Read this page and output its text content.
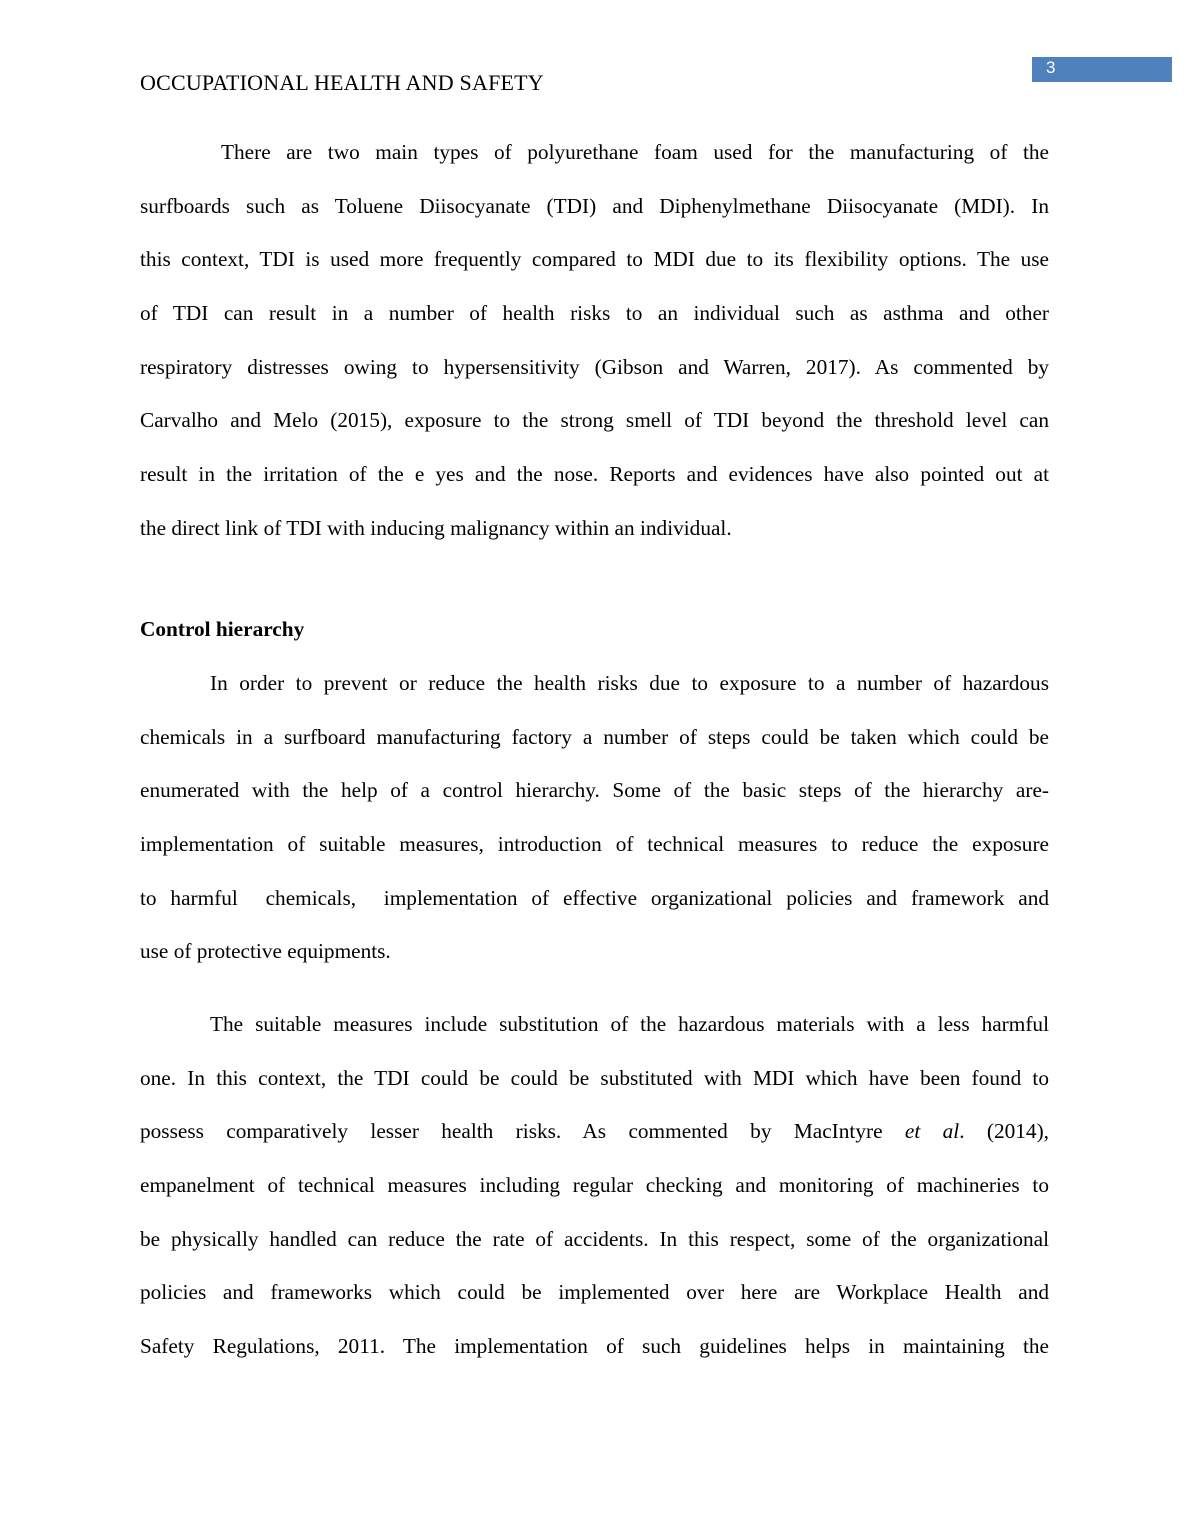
OCCUPATIONAL HEALTH AND SAFETY
3

There are two main types of polyurethane foam used for the manufacturing of the
surfboards such as Toluene Diisocyanate (TDI) and Diphenylmethane Diisocyanate (MDI). In
this context, TDI is used more frequently compared to MDI due to its flexibility options. The use
of TDI can result in a number of health risks to an individual such as asthma and other
respiratory distresses owing to hypersensitivity (Gibson and Warren, 2017). As commented by
Carvalho and Melo (2015), exposure to the strong smell of TDI beyond the threshold level can
result in the irritation of the e yes and the nose. Reports and evidences have also pointed out at
the direct link of TDI with inducing malignancy within an individual.

Control hierarchy

In order to prevent or reduce the health risks due to exposure to a number of hazardous
chemicals in a surfboard manufacturing factory a number of steps could be taken which could be
enumerated with the help of a control hierarchy. Some of the basic steps of the hierarchy are-
implementation of suitable measures, introduction of technical measures to reduce the exposure
to harmful  chemicals,  implementation of effective organizational policies and framework and
use of protective equipments.

The suitable measures include substitution of the hazardous materials with a less harmful
one. In this context, the TDI could be could be substituted with MDI which have been found to
possess comparatively lesser health risks. As commented by MacIntyre et al. (2014),
empanelment of technical measures including regular checking and monitoring of machineries to
be physically handled can reduce the rate of accidents. In this respect, some of the organizational
policies and frameworks which could be implemented over here are Workplace Health and
Safety Regulations, 2011. The implementation of such guidelines helps in maintaining the
